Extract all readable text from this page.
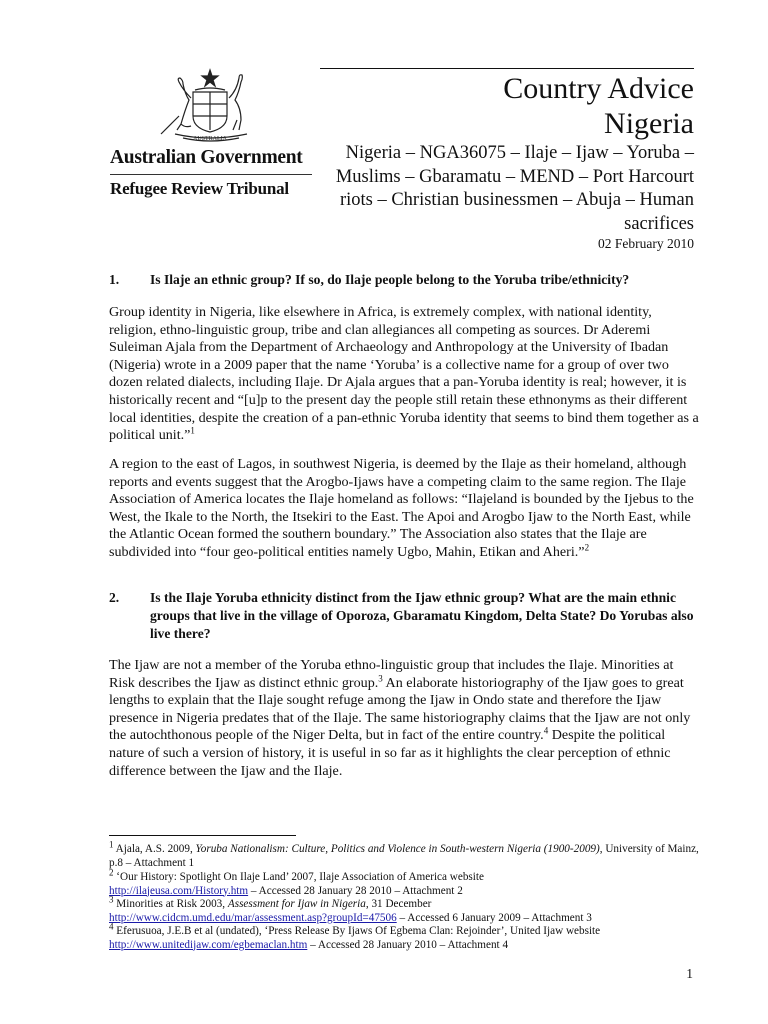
AUSTRALIA
Australian Government
Refugee Review Tribunal
Country Advice
Nigeria
Nigeria – NGA36075 – Ilaje – Ijaw – Yoruba – Muslims – Gbaramatu – MEND – Port Harcourt riots – Christian businessmen – Abuja – Human sacrifices
02 February 2010
1. Is Ilaje an ethnic group? If so, do Ilaje people belong to the Yoruba tribe/ethnicity?
Group identity in Nigeria, like elsewhere in Africa, is extremely complex, with national identity, religion, ethno-linguistic group, tribe and clan allegiances all competing as sources. Dr Aderemi Suleiman Ajala from the Department of Archaeology and Anthropology at the University of Ibadan (Nigeria) wrote in a 2009 paper that the name ‘Yoruba’ is a collective name for a group of over two dozen related dialects, including Ilaje. Dr Ajala argues that a pan-Yoruba identity is real; however, it is historically recent and “[u]p to the present day the people still retain these ethnonyms as their different local identities, despite the creation of a pan-ethnic Yoruba identity that seems to bind them together as a political unit.”$^1$
A region to the east of Lagos, in southwest Nigeria, is deemed by the Ilaje as their homeland, although reports and events suggest that the Arogbo-Ijaws have a competing claim to the same region. The Ilaje Association of America locates the Ilaje homeland as follows: “Ilajeland is bounded by the Ijebus to the West, the Ikale to the North, the Itsekiri to the East. The Apoi and Arogbo Ijaw to the North East, while the Atlantic Ocean formed the southern boundary.” The Association also states that the Ilaje are subdivided into “four geo-political entities namely Ugbo, Mahin, Etikan and Aheri.”$^2$
2. Is the Ilaje Yoruba ethnicity distinct from the Ijaw ethnic group? What are the main ethnic groups that live in the village of Oporoza, Gbaramatu Kingdom, Delta State? Do Yorubas also live there?
The Ijaw are not a member of the Yoruba ethno-linguistic group that includes the Ilaje. Minorities at Risk describes the Ijaw as distinct ethnic group.$^3$ An elaborate historiography of the Ijaw goes to great lengths to explain that the Ilaje sought refuge among the Ijaw in Ondo state and therefore the Ijaw presence in Nigeria predates that of the Ilaje. The same historiography claims that the Ijaw are not only the autochthonous people of the Niger Delta, but in fact of the entire country.$^4$ Despite the political nature of such a version of history, it is useful in so far as it highlights the clear perception of ethnic difference between the Ijaw and the Ilaje.
$^1$ Ajala, A.S. 2009, Yoruba Nationalism: Culture, Politics and Violence in South-western Nigeria (1900-2009), University of Mainz, p.8 – Attachment 1
$^2$ ‘Our History: Spotlight On Ilaje Land’ 2007, Ilaje Association of America website
http://ilajeusa.com/History.htm – Accessed 28 January 28 2010 – Attachment 2
$^3$ Minorities at Risk 2003, Assessment for Ijaw in Nigeria, 31 December
http://www.cidcm.umd.edu/mar/assessment.asp?groupId=47506 – Accessed 6 January 2009 – Attachment 3
$^4$ Eferusuoa, J.E.B et al (undated), ‘Press Release By Ijaws Of Egbema Clan: Rejoinder’, United Ijaw website
http://www.unitedijaw.com/egbemaclan.htm – Accessed 28 January 2010 – Attachment 4
1
